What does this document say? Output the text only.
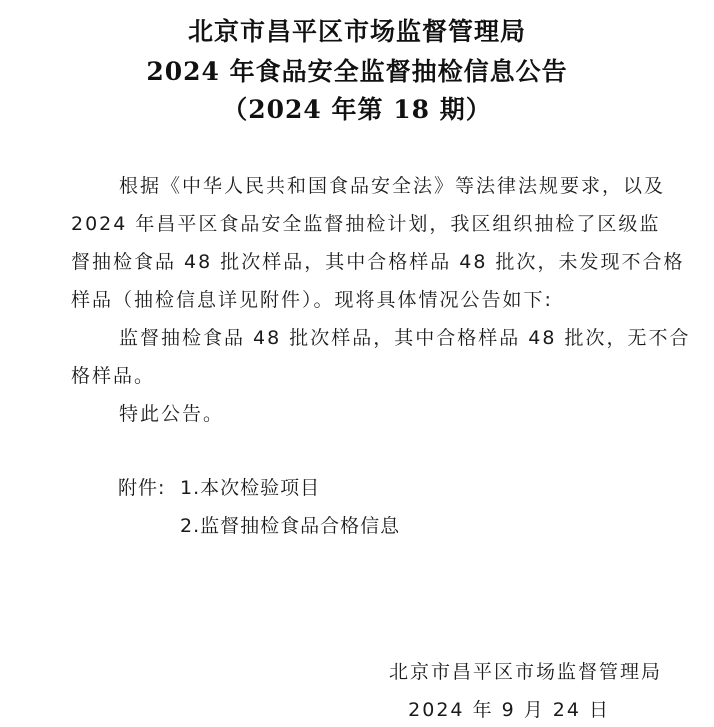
北京市昌平区市场监督管理局
2024 年食品安全监督抽检信息公告
（2024 年第 18 期）
根据《中华人民共和国食品安全法》等法律法规要求，以及
2024 年昌平区食品安全监督抽检计划，我区组织抽检了区级监
督抽检食品 48 批次样品，其中合格样品 48 批次，未发现不合格
样品（抽检信息详见附件）。现将具体情况公告如下:
监督抽检食品 48 批次样品，其中合格样品 48 批次，无不合
格样品。
特此公告。
附件: 1.本次检验项目
2.监督抽检食品合格信息
北京市昌平区市场监督管理局
2024 年 9 月 24 日
